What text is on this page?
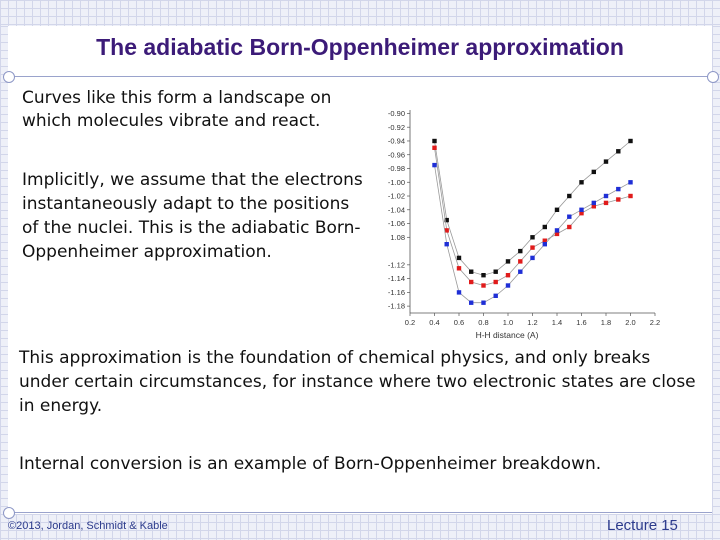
The adiabatic Born-Oppenheimer approximation

Curves like this form a landscape on which molecules vibrate and react.

Implicitly, we assume that the electrons instantaneously adapt to the positions of the nuclei. This is the adiabatic Born-Oppenheimer approximation.

This approximation is the foundation of chemical physics, and only breaks under certain circumstances, for instance where two electronic states are close in energy.

Internal conversion is an example of Born-Oppenheimer breakdown.

0.2 0.4 0.6 0.8 1.0 1.2 1.4 1.6 1.8 2.0 2.2
-0.90
-0.92
-0.94
-0.96
-0.98
-1.00
-1.02
-1.04
-1.06
1.08
-1.12
-1.14
-1.16
-1.18
H-H distance (A)
©2013, Jordan, Schmidt & Kable	Lecture 15
